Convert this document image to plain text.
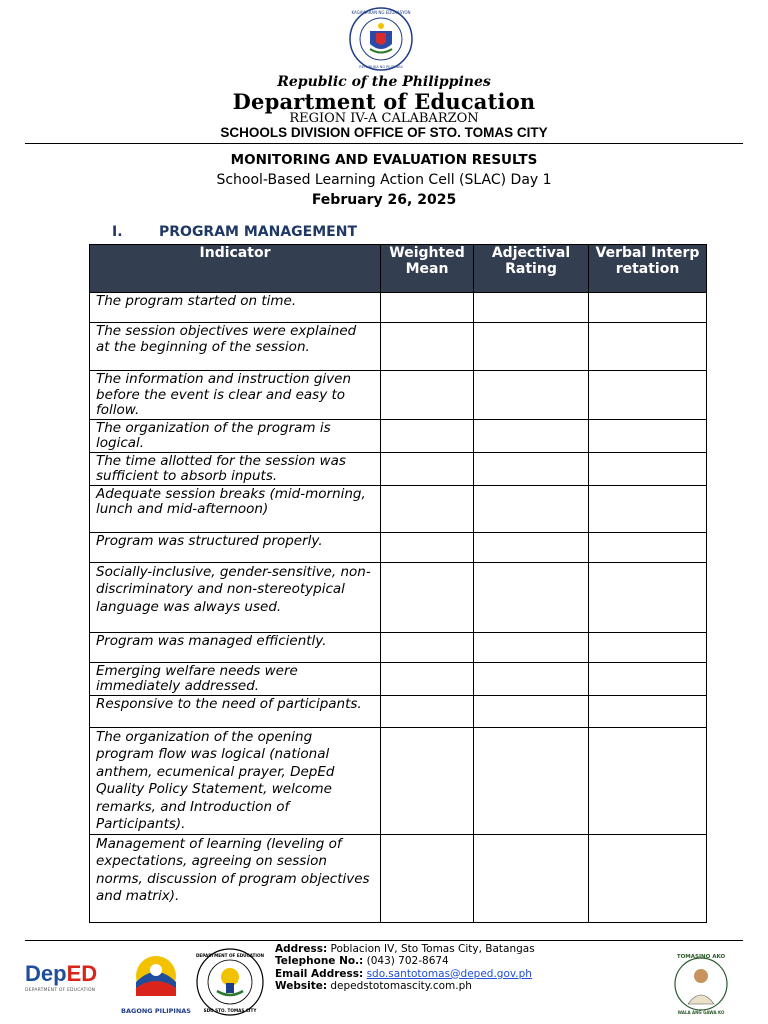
KAGAWARAN NG EDUKASYON
REPUBLIKA NG PILIPINAS
Republic of the Philippines
Department of Education
REGION IV-A CALABARZON
SCHOOLS DIVISION OFFICE OF STO. TOMAS CITY
MONITORING AND EVALUATION RESULTS
School-Based Learning Action Cell (SLAC) Day 1
February 26, 2025
I.	PROGRAM MANAGEMENT
Indicator	Weighted Mean	Adjectival Rating	Verbal Interpretation
The program started on time.			
The session objectives were explained at the beginning of the session.			
The information and instruction given before the event is clear and easy to follow.			
The organization of the program is logical.			
The time allotted for the session was sufficient to absorb inputs.			
Adequate session breaks (mid-morning, lunch and mid-afternoon)			
Program was structured properly.			
Socially-inclusive, gender-sensitive, non- discriminatory and non-stereotypical language was always used.			
Program was managed efficiently.			
Emerging welfare needs were immediately addressed.			
Responsive to the need of participants.			
The organization of the opening program flow was logical (national anthem, ecumenical prayer, DepEd Quality Policy Statement, welcome remarks, and Introduction of Participants).			
Management of learning (leveling of expectations, agreeing on session norms, discussion of program objectives and matrix).			
DepED
DEPARTMENT OF EDUCATION
BAGONG PILIPINAS
DEPARTMENT OF EDUCATION
SDO STO. TOMAS CITY
Address: Poblacion IV, Sto Tomas City, Batangas
Telephone No.: (043) 702-8674
Email Address: sdo.santotomas@deped.gov.ph
Website: depedstotomascity.com.ph
TOMASINO AKO
WALA ANG GAWA KO
